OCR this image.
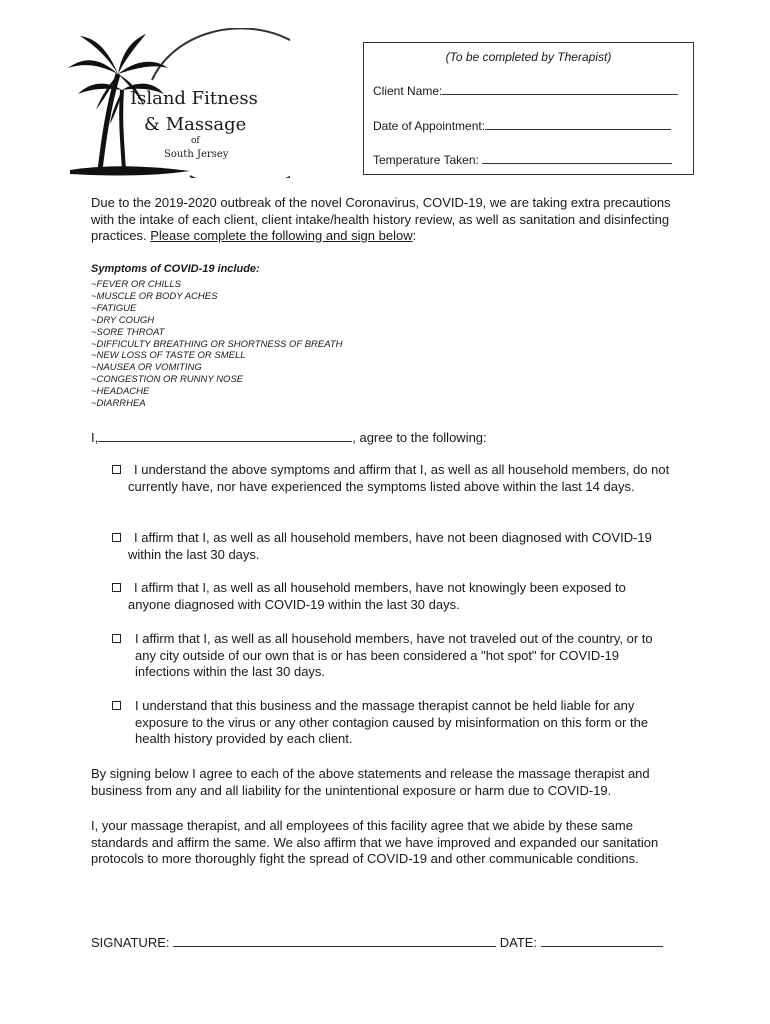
Island Fitness
& Massage
of
South Jersey
(To be completed by Therapist)
Client Name:
Date of Appointment:
Temperature Taken:
Due to the 2019-2020 outbreak of the novel Coronavirus, COVID-19, we are taking extra precautions with the intake of each client, client intake/health history review, as well as sanitation and disinfecting practices. Please complete the following and sign below:
Symptoms of COVID-19 include:
~FEVER OR CHILLS
~MUSCLE OR BODY ACHES
~FATIGUE
~DRY COUGH
~SORE THROAT
~DIFFICULTY BREATHING OR SHORTNESS OF BREATH
~NEW LOSS OF TASTE OR SMELL
~NAUSEA OR VOMITING
~CONGESTION OR RUNNY NOSE
~HEADACHE
~DIARRHEA
I,	, agree to the following:
I understand the above symptoms and affirm that I, as well as all household members, do not currently have, nor have experienced the symptoms listed above within the last 14 days.
I affirm that I, as well as all household members, have not been diagnosed with COVID-19 within the last 30 days.
I affirm that I, as well as all household members, have not knowingly been exposed to anyone diagnosed with COVID-19 within the last 30 days.
I affirm that I, as well as all household members, have not traveled out of the country, or to any city outside of our own that is or has been considered a "hot spot" for COVID-19 infections within the last 30 days.
I understand that this business and the massage therapist cannot be held liable for any exposure to the virus or any other contagion caused by misinformation on this form or the health history provided by each client.
By signing below I agree to each of the above statements and release the massage therapist and business from any and all liability for the unintentional exposure or harm due to COVID-19.
I, your massage therapist, and all employees of this facility agree that we abide by these same standards and affirm the same. We also affirm that we have improved and expanded our sanitation protocols to more thoroughly fight the spread of COVID-19 and other communicable conditions.
SIGNATURE:	DATE:
